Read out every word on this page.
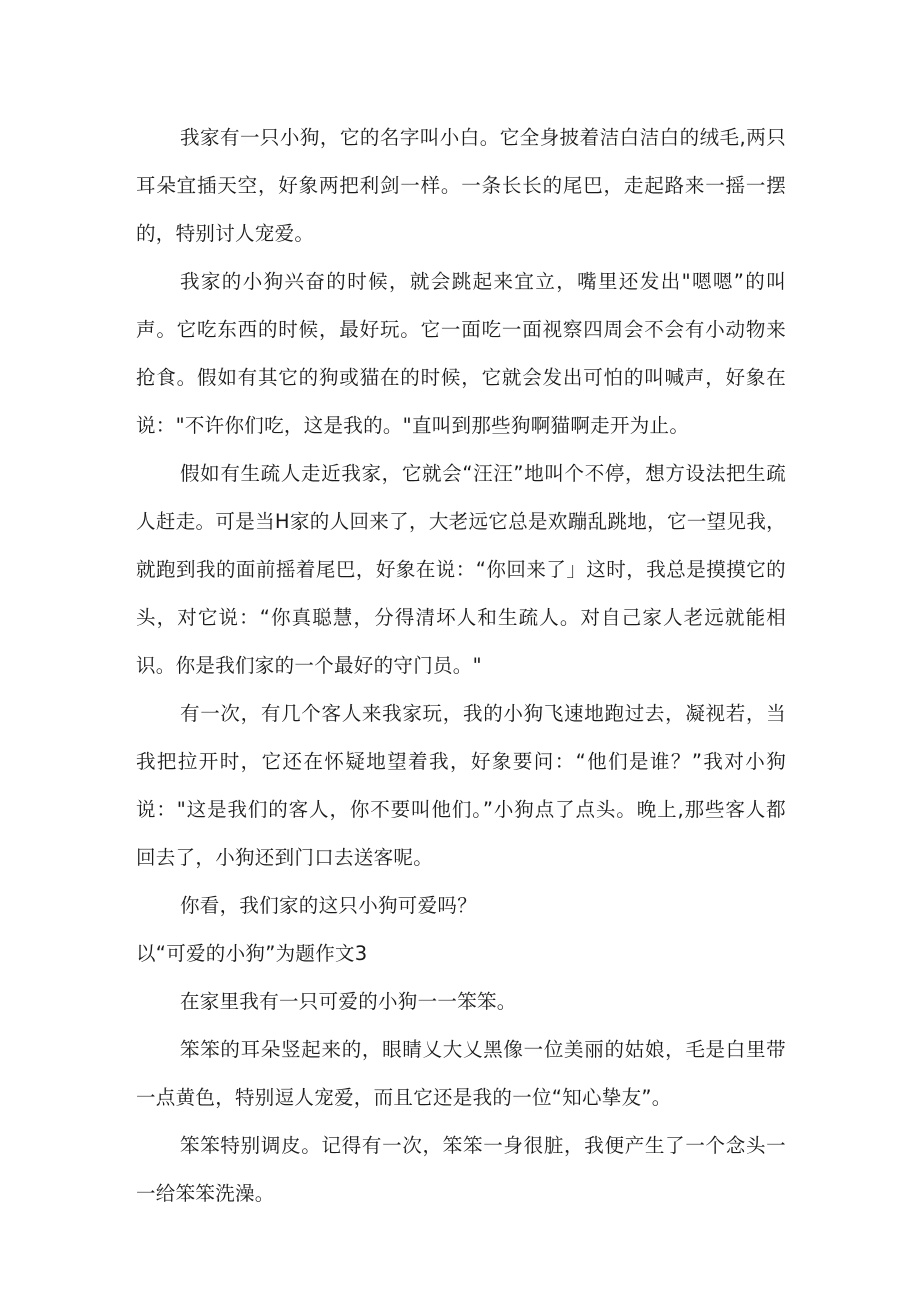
我家有一只小狗，它的名字叫小白。它全身披着洁白洁白的绒毛,两只耳朵宜插天空，好象两把利剑一样。一条长长的尾巴，走起路来一摇一摆的，特别讨人宠爱。

我家的小狗兴奋的时候，就会跳起来宜立，嘴里还发出"嗯嗯”的叫声。它吃东西的时候，最好玩。它一面吃一面视察四周会不会有小动物来抢食。假如有其它的狗或猫在的时候，它就会发出可怕的叫喊声，好象在说："不许你们吃，这是我的。"直叫到那些狗啊猫啊走开为止。

假如有生疏人走近我家，它就会“汪汪”地叫个不停，想方设法把生疏人赶走。可是当H家的人回来了，大老远它总是欢蹦乱跳地，它一望见我，就跑到我的面前摇着尾巴，好象在说：“你回来了」这时，我总是摸摸它的头，对它说：“你真聪慧，分得清坏人和生疏人。对自己家人老远就能相识。你是我们家的一个最好的守门员。"

有一次，有几个客人来我家玩，我的小狗飞速地跑过去，凝视若，当我把拉开时，它还在怀疑地望着我，好象要问：“他们是谁？”我对小狗说："这是我们的客人，你不要叫他们。”小狗点了点头。晚上,那些客人都回去了，小狗还到门口去送客呢。

你看，我们家的这只小狗可爱吗？

以“可爱的小狗”为题作文3

在家里我有一只可爱的小狗一一笨笨。

笨笨的耳朵竖起来的，眼睛乂大乂黑像一位美丽的姑娘，毛是白里带一点黄色，特别逗人宠爱，而且它还是我的一位“知心挚友”。

笨笨特别调皮。记得有一次，笨笨一身很脏，我便产生了一个念头一一给笨笨洗澡。
